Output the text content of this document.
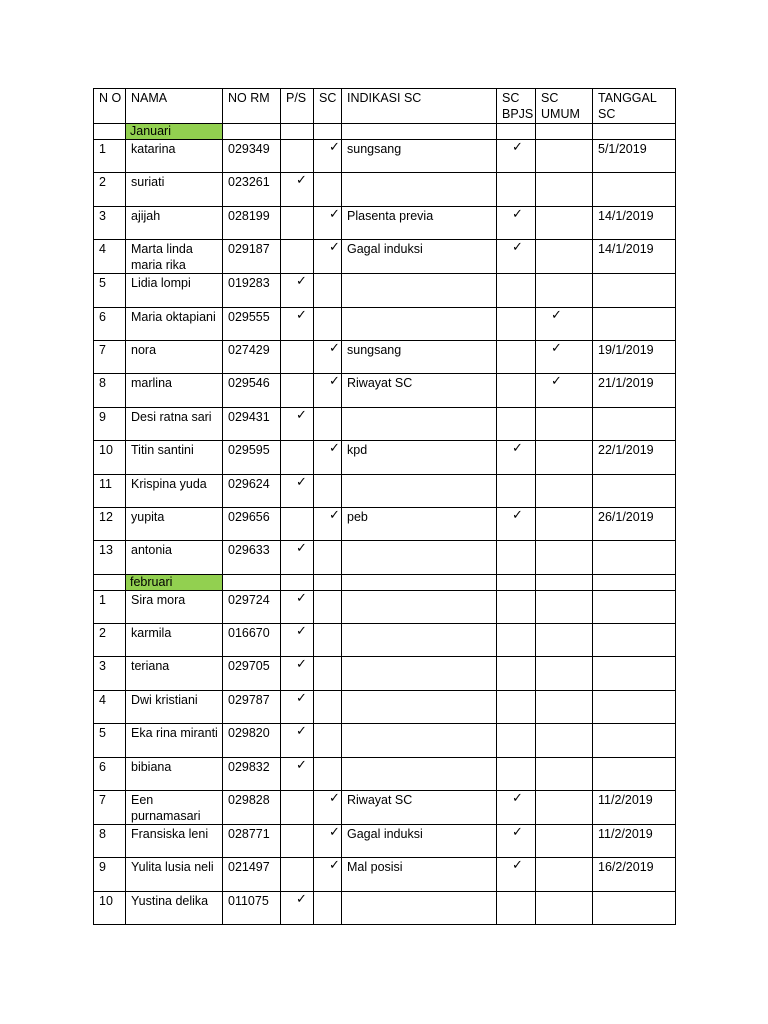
N O	NAMA	NO RM	P/S	SC	INDIKASI SC	SC BPJS	SC UMUM	TANGGAL SC

	Januari							

1	katarina	029349		✓	sungsang	✓		5/1/2019
2	suriati	023261	✓					
3	ajijah	028199		✓	Plasenta previa	✓		14/1/2019
4	Marta linda maria rika	029187		✓	Gagal induksi	✓		14/1/2019
5	Lidia lompi	019283	✓					
6	Maria oktapiani	029555	✓				✓	
7	nora	027429		✓	sungsang		✓	19/1/2019
8	marlina	029546		✓	Riwayat SC		✓	21/1/2019
9	Desi ratna sari	029431	✓					
10	Titin santini	029595		✓	kpd	✓		22/1/2019
11	Krispina yuda	029624	✓					
12	yupita	029656		✓	peb	✓		26/1/2019
13	antonia	029633	✓					

	februari							

1	Sira mora	029724	✓					
2	karmila	016670	✓					
3	teriana	029705	✓					
4	Dwi kristiani	029787	✓					
5	Eka rina miranti	029820	✓					
6	bibiana	029832	✓					
7	Een purnamasari	029828		✓	Riwayat SC	✓		11/2/2019
8	Fransiska leni	028771		✓	Gagal induksi	✓		11/2/2019
9	Yulita lusia neli	021497		✓	Mal posisi	✓		16/2/2019
10	Yustina delika	011075	✓					
